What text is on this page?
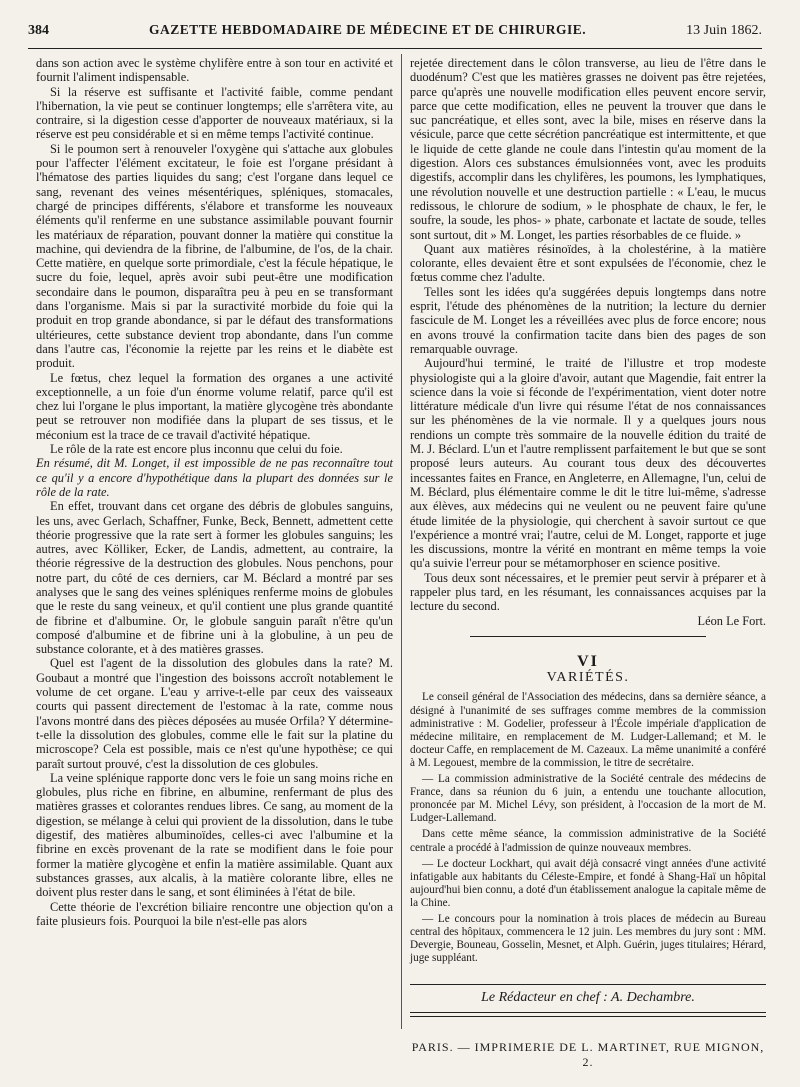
384	GAZETTE HEBDOMADAIRE DE MÉDECINE ET DE CHIRURGIE.	13 Juin 1862.

dans son action avec le système chylifère entre à son tour en activité et fournit l'aliment indispensable.

Si la réserve est suffisante et l'activité faible, comme pendant l'hibernation, la vie peut se continuer longtemps; elle s'arrêtera vite, au contraire, si la digestion cesse d'apporter de nouveaux matériaux, si la réserve est peu considérable et si en même temps l'activité continue.

Si le poumon sert à renouveler l'oxygène qui s'attache aux globules pour l'affecter l'élément excitateur, le foie est l'organe présidant à l'hématose des parties liquides du sang; c'est l'organe dans lequel ce sang, revenant des veines mésentériques, spléniques, stomacales, chargé de principes différents, s'élabore et transforme les nouveaux éléments qu'il renferme en une substance assimilable pouvant fournir les matériaux de réparation, pouvant donner la matière qui constitue la machine, qui deviendra de la fibrine, de l'albumine, de l'os, de la chair. Cette matière, en quelque sorte primordiale, c'est la fécule hépatique, le sucre du foie, lequel, après avoir subi peut-être une modification secondaire dans le poumon, disparaîtra peu à peu en se transformant dans l'organisme. Mais si par la suractivité morbide du foie qui la produit en trop grande abondance, si par le défaut des transformations ultérieures, cette substance devient trop abondante, dans l'un comme dans l'autre cas, l'économie la rejette par les reins et le diabète est produit.

Le fœtus, chez lequel la formation des organes a une activité exceptionnelle, a un foie d'un énorme volume relatif, parce qu'il est chez lui l'organe le plus important, la matière glycogène très abondante peut se retrouver non modifiée dans la plupart de ses tissus, et le méconium est la trace de ce travail d'activité hépatique.

Le rôle de la rate est encore plus inconnu que celui du foie.

En résumé, dit M. Longet, il est impossible de ne pas reconnaître tout ce qu'il y a encore d'hypothétique dans la plupart des données sur le rôle de la rate.

En effet, trouvant dans cet organe des débris de globules sanguins, les uns, avec Gerlach, Schaffner, Funke, Beck, Bennett, admettent cette théorie progressive que la rate sert à former les globules sanguins; les autres, avec Kölliker, Ecker, de Landis, admettent, au contraire, la théorie régressive de la destruction des globules. Nous penchons, pour notre part, du côté de ces derniers, car M. Béclard a montré par ses analyses que le sang des veines spléniques renferme moins de globules que le reste du sang veineux, et qu'il contient une plus grande quantité de fibrine et d'albumine. Or, le globule sanguin paraît n'être qu'un composé d'albumine et de fibrine uni à la globuline, à un peu de substance colorante, et à des matières grasses.

Quel est l'agent de la dissolution des globules dans la rate? M. Goubaut a montré que l'ingestion des boissons accroît notablement le volume de cet organe. L'eau y arrive-t-elle par ceux des vaisseaux courts qui passent directement de l'estomac à la rate, comme nous l'avons montré dans des pièces déposées au musée Orfila? Y détermine-t-elle la dissolution des globules, comme elle le fait sur la platine du microscope? Cela est possible, mais ce n'est qu'une hypothèse; ce qui paraît surtout prouvé, c'est la dissolution de ces globules.

La veine splénique rapporte donc vers le foie un sang moins riche en globules, plus riche en fibrine, en albumine, renfermant de plus des matières grasses et colorantes rendues libres. Ce sang, au moment de la digestion, se mélange à celui qui provient de la dissolution, dans le tube digestif, des matières albuminoïdes, celles-ci avec l'albumine et la fibrine en excès provenant de la rate se modifient dans le foie pour former la matière glycogène et enfin la matière assimilable. Quant aux substances grasses, aux alcalis, à la matière colorante libre, elles ne doivent plus rester dans le sang, et sont éliminées à l'état de bile.

Cette théorie de l'excrétion biliaire rencontre une objection qu'on a faite plusieurs fois. Pourquoi la bile n'est-elle pas alors

rejetée directement dans le côlon transverse, au lieu de l'être dans le duodénum? C'est que les matières grasses ne doivent pas être rejetées, parce qu'après une nouvelle modification elles peuvent encore servir, parce que cette modification, elles ne peuvent la trouver que dans le suc pancréatique, et elles sont, avec la bile, mises en réserve dans la vésicule, parce que cette sécrétion pancréatique est intermittente, et que le liquide de cette glande ne coule dans l'intestin qu'au moment de la digestion. Alors ces substances émulsionnées vont, avec les produits digestifs, accomplir dans les chylifères, les poumons, les lymphatiques, une révolution nouvelle et une destruction partielle : « L'eau, le mucus redissous, le chlorure de sodium, » le phosphate de chaux, le fer, le soufre, la soude, les phos- » phate, carbonate et lactate de soude, telles sont surtout, dit » M. Longet, les parties résorbables de ce fluide. »

Quant aux matières résinoïdes, à la cholestérine, à la matière colorante, elles devaient être et sont expulsées de l'économie, chez le fœtus comme chez l'adulte.

Telles sont les idées qu'a suggérées depuis longtemps dans notre esprit, l'étude des phénomènes de la nutrition; la lecture du dernier fascicule de M. Longet les a réveillées avec plus de force encore; nous en avons trouvé la confirmation tacite dans bien des pages de son remarquable ouvrage.

Aujourd'hui terminé, le traité de l'illustre et trop modeste physiologiste qui a la gloire d'avoir, autant que Magendie, fait entrer la science dans la voie si féconde de l'expérimentation, vient doter notre littérature médicale d'un livre qui résume l'état de nos connaissances sur les phénomènes de la vie normale. Il y a quelques jours nous rendions un compte très sommaire de la nouvelle édition du traité de M. J. Béclard. L'un et l'autre remplissent parfaitement le but que se sont proposé leurs auteurs. Au courant tous deux des découvertes incessantes faites en France, en Angleterre, en Allemagne, l'un, celui de M. Béclard, plus élémentaire comme le dit le titre lui-même, s'adresse aux élèves, aux médecins qui ne veulent ou ne peuvent faire qu'une étude limitée de la physiologie, qui cherchent à savoir surtout ce que l'expérience a montré vrai; l'autre, celui de M. Longet, rapporte et juge les discussions, montre la vérité en montrant en même temps la voie qu'a suivie l'erreur pour se métamorphoser en science positive.

Tous deux sont nécessaires, et le premier peut servir à préparer et à rappeler plus tard, en les résumant, les connaissances acquises par la lecture du second.

Léon Le Fort.
VI
VARIÉTÉS.

Le conseil général de l'Association des médecins, dans sa dernière séance, a désigné à l'unanimité de ses suffrages comme membres de la commission administrative : M. Godelier, professeur à l'École impériale d'application de médecine militaire, en remplacement de M. Ludger-Lallemand; et M. le docteur Caffe, en remplacement de M. Cazeaux. La même unanimité a conféré à M. Legouest, membre de la commission, le titre de secrétaire.

— La commission administrative de la Société centrale des médecins de France, dans sa réunion du 6 juin, a entendu une touchante allocution, prononcée par M. Michel Lévy, son président, à l'occasion de la mort de M. Ludger-Lallemand.

Dans cette même séance, la commission administrative de la Société centrale a procédé à l'admission de quinze nouveaux membres.

— Le docteur Lockhart, qui avait déjà consacré vingt années d'une activité infatigable aux habitants du Céleste-Empire, et fondé à Shang-Haï un hôpital aujourd'hui bien connu, a doté d'un établissement analogue la capitale même de la Chine.

— Le concours pour la nomination à trois places de médecin au Bureau central des hôpitaux, commencera le 12 juin. Les membres du jury sont : MM. Devergie, Bouneau, Gosselin, Mesnet, et Alph. Guérin, juges titulaires; Hérard, juge suppléant.

Le Rédacteur en chef : A. Dechambre.
PARIS. — IMPRIMERIE DE L. MARTINET, RUE MIGNON, 2.
